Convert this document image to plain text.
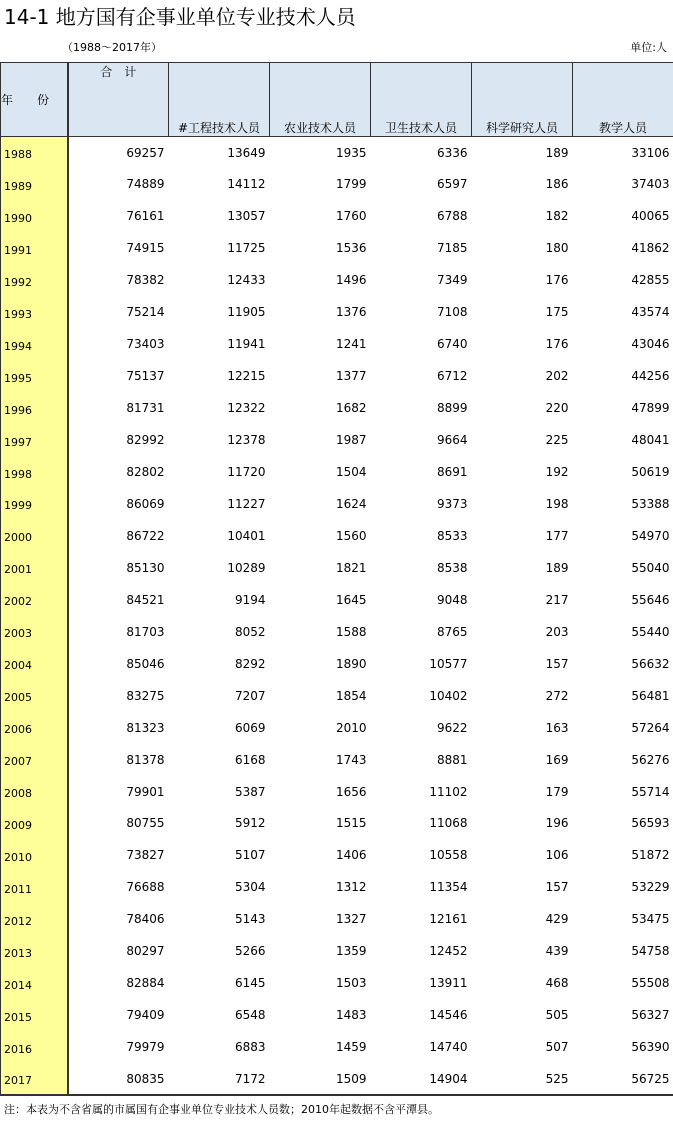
14-1 地方国有企事业单位专业技术人员
（1988～2017年）	单位:人
年　　份	合　计	#工程技术人员	农业技术人员	卫生技术人员	科学研究人员	教学人员
1988	69257	13649	1935	6336	189	33106
1989	74889	14112	1799	6597	186	37403
1990	76161	13057	1760	6788	182	40065
1991	74915	11725	1536	7185	180	41862
1992	78382	12433	1496	7349	176	42855
1993	75214	11905	1376	7108	175	43574
1994	73403	11941	1241	6740	176	43046
1995	75137	12215	1377	6712	202	44256
1996	81731	12322	1682	8899	220	47899
1997	82992	12378	1987	9664	225	48041
1998	82802	11720	1504	8691	192	50619
1999	86069	11227	1624	9373	198	53388
2000	86722	10401	1560	8533	177	54970
2001	85130	10289	1821	8538	189	55040
2002	84521	9194	1645	9048	217	55646
2003	81703	8052	1588	8765	203	55440
2004	85046	8292	1890	10577	157	56632
2005	83275	7207	1854	10402	272	56481
2006	81323	6069	2010	9622	163	57264
2007	81378	6168	1743	8881	169	56276
2008	79901	5387	1656	11102	179	55714
2009	80755	5912	1515	11068	196	56593
2010	73827	5107	1406	10558	106	51872
2011	76688	5304	1312	11354	157	53229
2012	78406	5143	1327	12161	429	53475
2013	80297	5266	1359	12452	439	54758
2014	82884	6145	1503	13911	468	55508
2015	79409	6548	1483	14546	505	56327
2016	79979	6883	1459	14740	507	56390
2017	80835	7172	1509	14904	525	56725
注：本表为不含省属的市属国有企事业单位专业技术人员数；2010年起数据不含平潭县。
